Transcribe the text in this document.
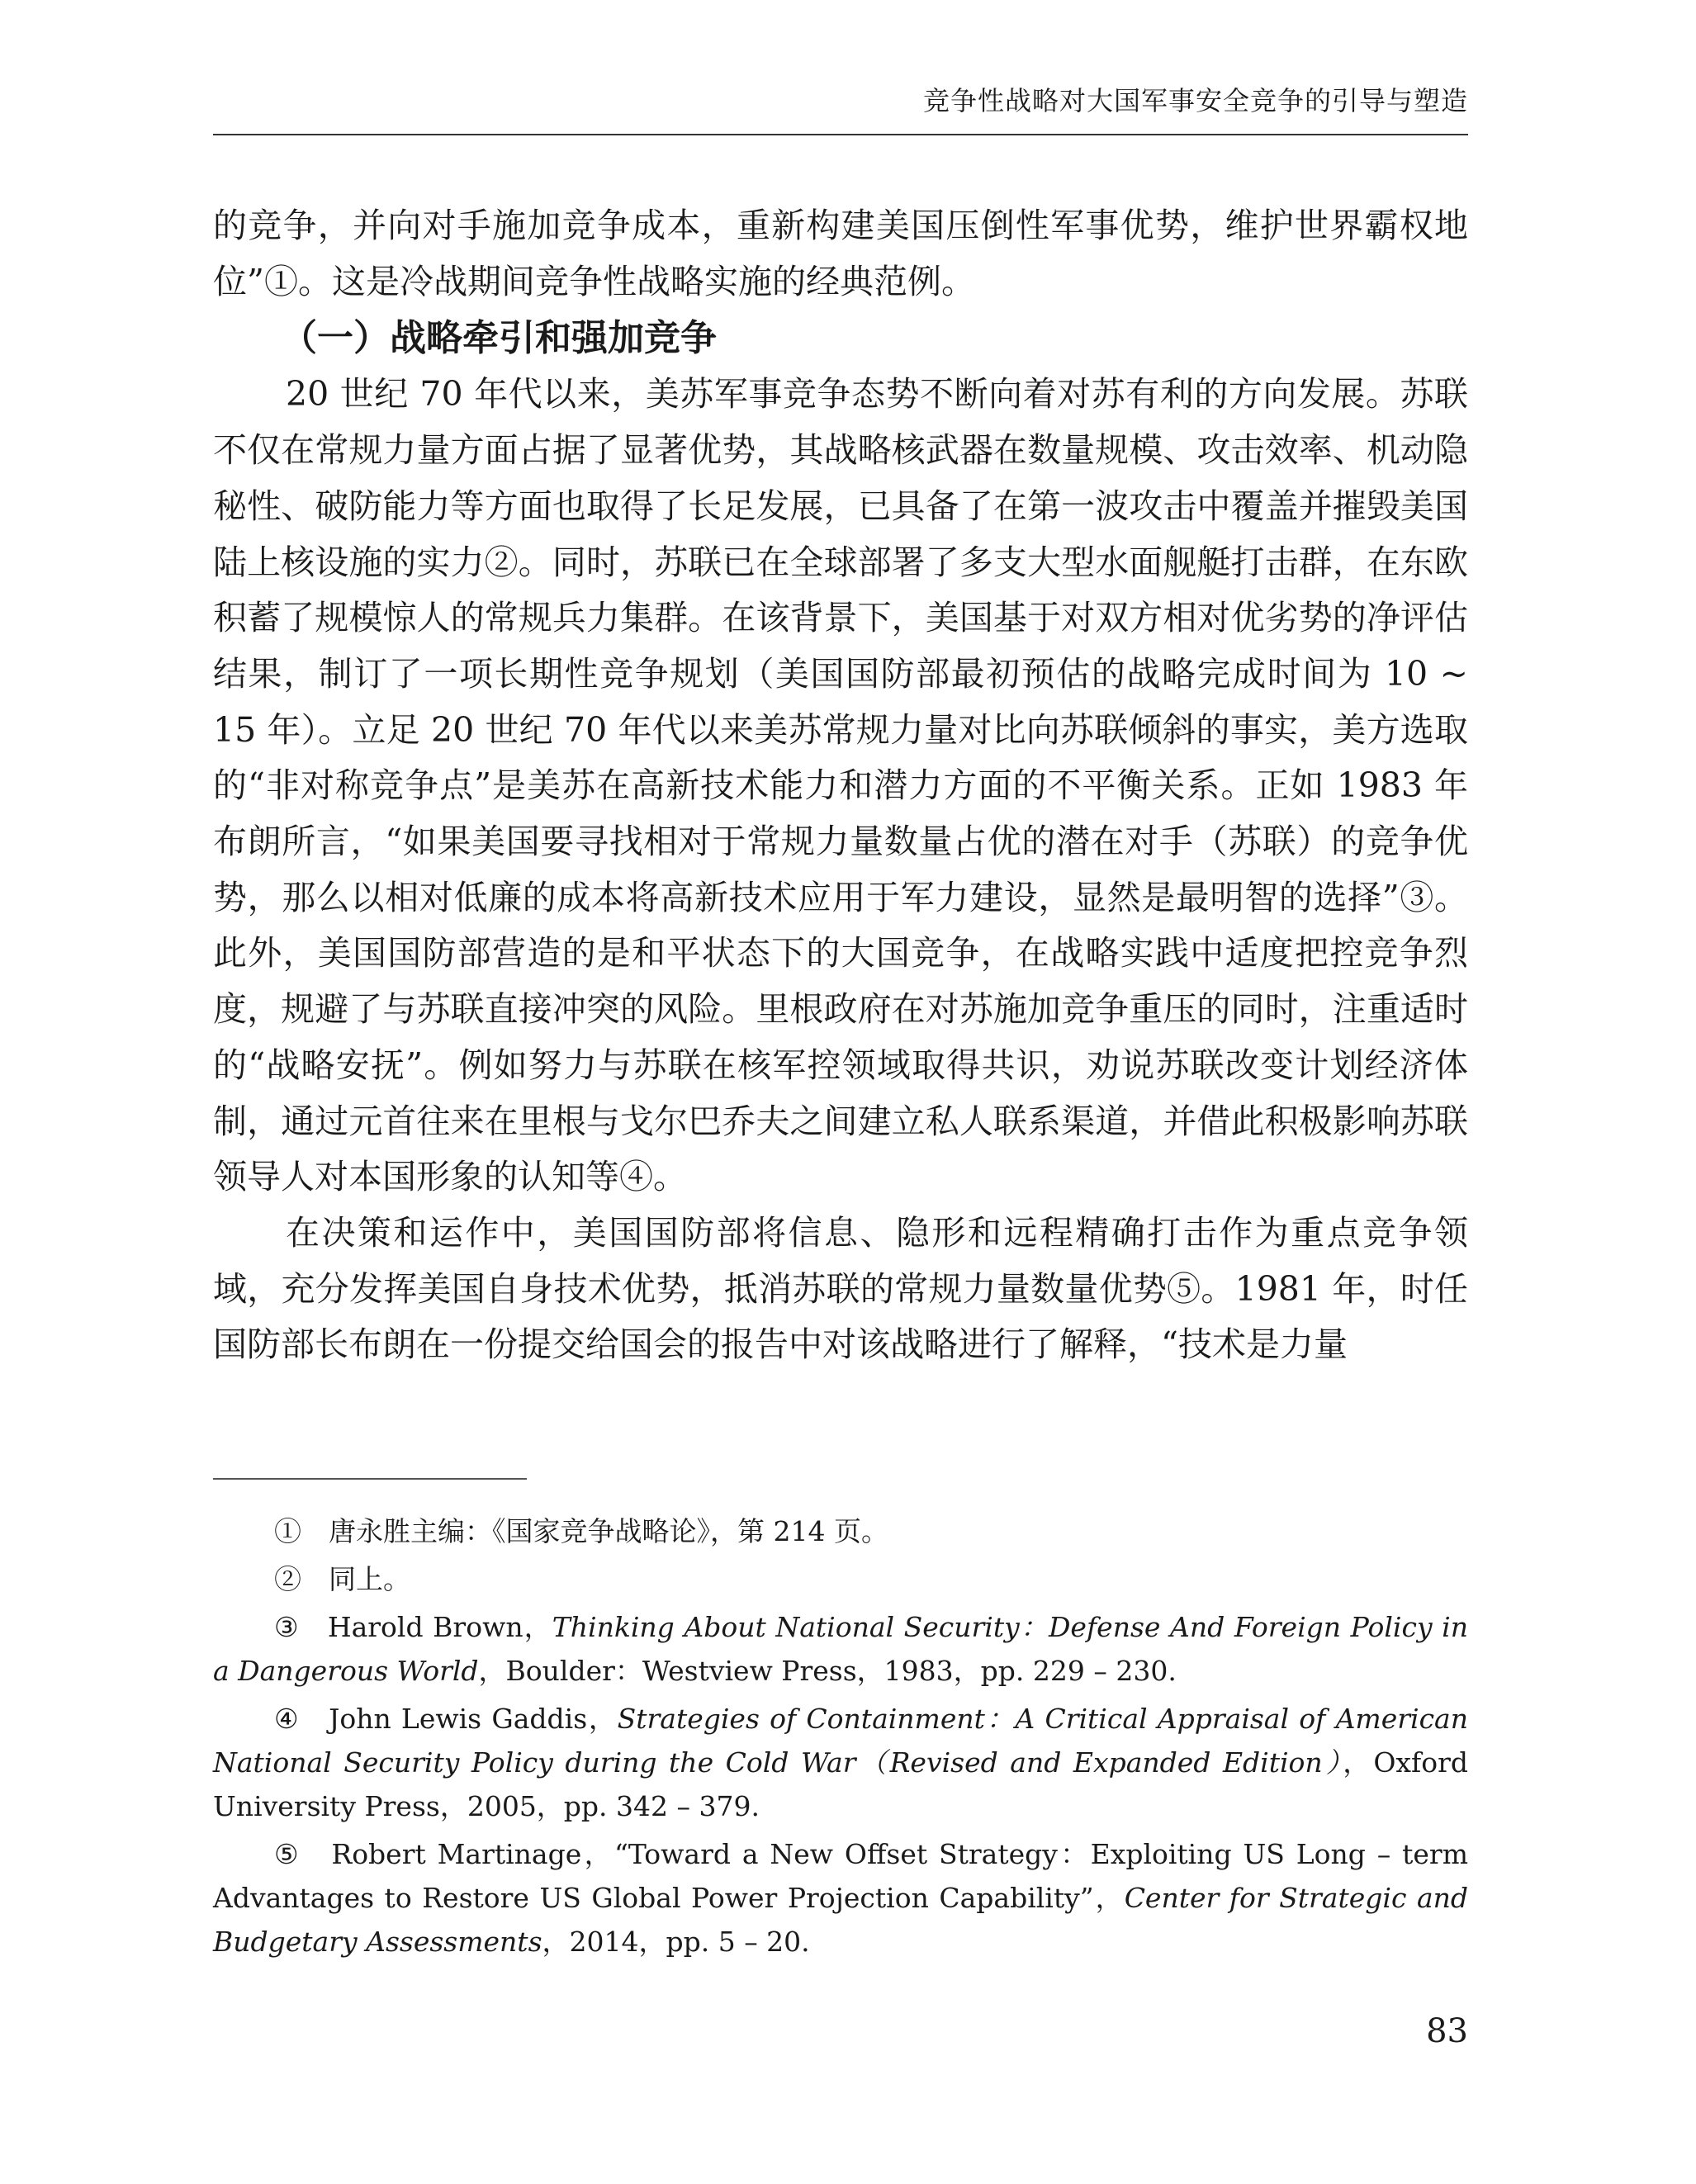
竞争性战略对大国军事安全竞争的引导与塑造

的竞争，并向对手施加竞争成本，重新构建美国压倒性军事优势，维护世界霸权地位”①。这是冷战期间竞争性战略实施的经典范例。

（一）战略牵引和强加竞争

20 世纪 70 年代以来，美苏军事竞争态势不断向着对苏有利的方向发展。苏联不仅在常规力量方面占据了显著优势，其战略核武器在数量规模、攻击效率、机动隐秘性、破防能力等方面也取得了长足发展，已具备了在第一波攻击中覆盖并摧毁美国陆上核设施的实力②。同时，苏联已在全球部署了多支大型水面舰艇打击群，在东欧积蓄了规模惊人的常规兵力集群。在该背景下，美国基于对双方相对优劣势的净评估结果，制订了一项长期性竞争规划（美国国防部最初预估的战略完成时间为 10 ~ 15 年）。立足 20 世纪 70 年代以来美苏常规力量对比向苏联倾斜的事实，美方选取的“非对称竞争点”是美苏在高新技术能力和潜力方面的不平衡关系。正如 1983 年布朗所言，“如果美国要寻找相对于常规力量数量占优的潜在对手（苏联）的竞争优势，那么以相对低廉的成本将高新技术应用于军力建设，显然是最明智的选择”③。此外，美国国防部营造的是和平状态下的大国竞争，在战略实践中适度把控竞争烈度，规避了与苏联直接冲突的风险。里根政府在对苏施加竞争重压的同时，注重适时的“战略安抚”。例如努力与苏联在核军控领域取得共识，劝说苏联改变计划经济体制，通过元首往来在里根与戈尔巴乔夫之间建立私人联系渠道，并借此积极影响苏联领导人对本国形象的认知等④。

在决策和运作中，美国国防部将信息、隐形和远程精确打击作为重点竞争领域，充分发挥美国自身技术优势，抵消苏联的常规力量数量优势⑤。1981 年，时任国防部长布朗在一份提交给国会的报告中对该战略进行了解释，“技术是力量

①　 唐永胜主编：《国家竞争战略论》，第 214 页。

②　 同上。

③　 Harold Brown，Thinking About National Security：Defense And Foreign Policy in a Dangerous World，Boulder：Westview Press，1983，pp. 229 – 230.

④　 John Lewis Gaddis，Strategies of Containment：A Critical Appraisal of American National Security Policy during the Cold War（Revised and Expanded Edition），Oxford University Press，2005，pp. 342 – 379.

⑤　 Robert Martinage，“Toward a New Offset Strategy：Exploiting US Long – term Advantages to Restore US Global Power Projection Capability”，Center for Strategic and Budgetary Assessments，2014，pp. 5 – 20.

83
